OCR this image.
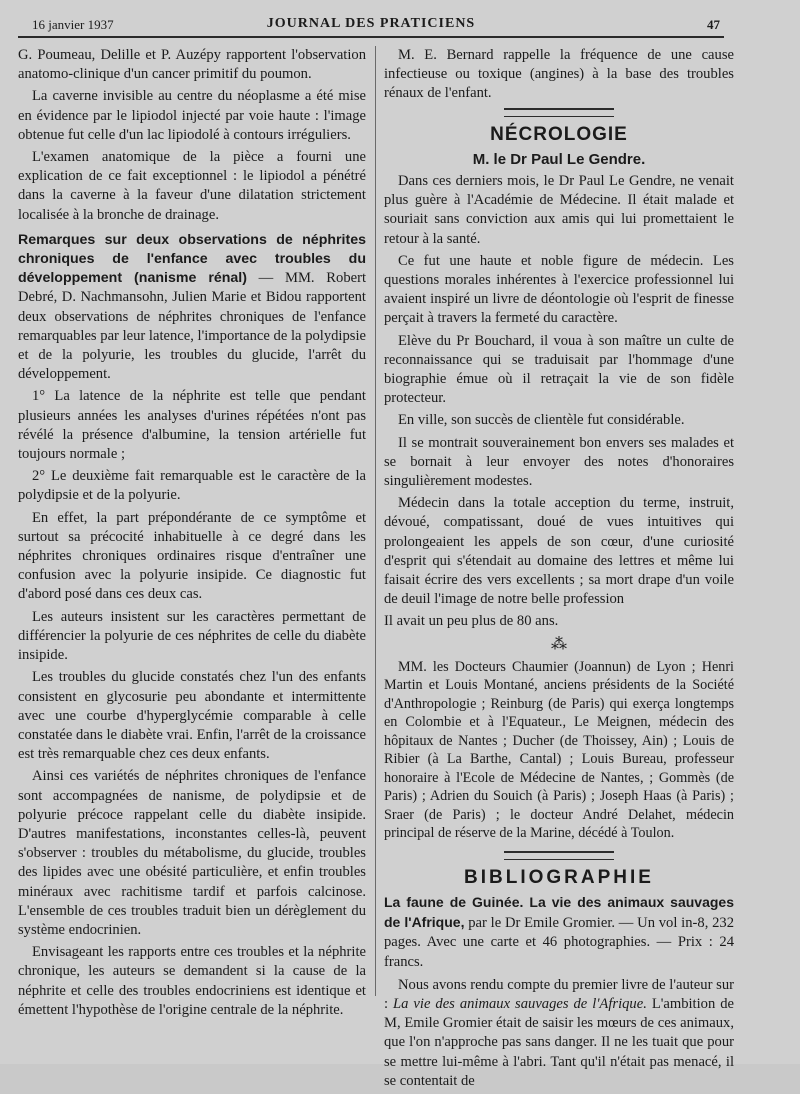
16 janvier 1937	JOURNAL DES PRATICIENS	47

G. Poumeau, Delille et P. Auzépy rapportent l'observation anatomo-clinique d'un cancer primitif du poumon.

La caverne invisible au centre du néoplasme a été mise en évidence par le lipiodol injecté par voie haute : l'image obtenue fut celle d'un lac lipiodolé à contours irréguliers.

L'examen anatomique de la pièce a fourni une explication de ce fait exceptionnel : le lipiodol a pénétré dans la caverne à la faveur d'une dilatation strictement localisée à la bronche de drainage.

Remarques sur deux observations de néphrites chroniques de l'enfance avec troubles du développement (nanisme rénal) — MM. Robert Debré, D. Nachmansohn, Julien Marie et Bidou rapportent deux observations de néphrites chroniques de l'enfance remarquables par leur latence, l'importance de la polydipsie et de la polyurie, les troubles du glucide, l'arrêt du développement.

1° La latence de la néphrite est telle que pendant plusieurs années les analyses d'urines répétées n'ont pas révélé la présence d'albumine, la tension artérielle fut toujours normale ;

2° Le deuxième fait remarquable est le caractère de la polydipsie et de la polyurie.

En effet, la part prépondérante de ce symptôme et surtout sa précocité inhabituelle à ce degré dans les néphrites chroniques ordinaires risque d'entraîner une confusion avec la polyurie insipide. Ce diagnostic fut d'abord posé dans ces deux cas.

Les auteurs insistent sur les caractères permettant de différencier la polyurie de ces néphrites de celle du diabète insipide.

Les troubles du glucide constatés chez l'un des enfants consistent en glycosurie peu abondante et intermittente avec une courbe d'hyperglycémie comparable à celle constatée dans le diabète vrai. Enfin, l'arrêt de la croissance est très remarquable chez ces deux enfants.

Ainsi ces variétés de néphrites chroniques de l'enfance sont accompagnées de nanisme, de polydipsie et de polyurie précoce rappelant celle du diabète insipide. D'autres manifestations, inconstantes celles-là, peuvent s'observer : troubles du métabolisme, du glucide, troubles des lipides avec une obésité particulière, et enfin troubles minéraux avec rachitisme tardif et parfois calcinose. L'ensemble de ces troubles traduit bien un dérèglement du système endocrinien.

Envisageant les rapports entre ces troubles et la néphrite chronique, les auteurs se demandent si la cause de la néphrite et celle des troubles endocriniens est identique et émettent l'hypothèse de l'origine centrale de la néphrite.

M. E. Bernard rappelle la fréquence de une cause infectieuse ou toxique (angines) à la base des troubles rénaux de l'enfant.

NÉCROLOGIE
M. le Dr Paul Le Gendre.

Dans ces derniers mois, le Dr Paul Le Gendre, ne venait plus guère à l'Académie de Médecine. Il était malade et souriait sans conviction aux amis qui lui promettaient le retour à la santé.

Ce fut une haute et noble figure de médecin. Les questions morales inhérentes à l'exercice professionnel lui avaient inspiré un livre de déontologie où l'esprit de finesse perçait à travers la fermeté du caractère.

Elève du Pr Bouchard, il voua à son maître un culte de reconnaissance qui se traduisait par l'hommage d'une biographie émue où il retraçait la vie de son fidèle protecteur.

En ville, son succès de clientèle fut considérable.

Il se montrait souverainement bon envers ses malades et se bornait à leur envoyer des notes d'honoraires singulièrement modestes.

Médecin dans la totale acception du terme, instruit, dévoué, compatissant, doué de vues intuitives qui prolongeaient les appels de son cœur, d'une curiosité d'esprit qui s'étendait au domaine des lettres et même lui faisait écrire des vers excellents ; sa mort drape d'un voile de deuil l'image de notre belle profession

Il avait un peu plus de 80 ans.

⁂

MM. les Docteurs Chaumier (Joannun) de Lyon ; Henri Martin et Louis Montané, anciens présidents de la Société d'Anthropologie ; Reinburg (de Paris) qui exerça longtemps en Colombie et à l'Equateur., Le Meignen, médecin des hôpitaux de Nantes ; Ducher (de Thoissey, Ain) ; Louis de Ribier (à La Barthe, Cantal) ; Louis Bureau, professeur honoraire à l'Ecole de Médecine de Nantes, ; Gommès (de Paris) ; Adrien du Souich (à Paris) ; Joseph Haas (à Paris) ; Sraer (de Paris) ; le docteur André Delahet, médecin principal de réserve de la Marine, décédé à Toulon.

BIBLIOGRAPHIE

La faune de Guinée. La vie des animaux sauvages de l'Afrique, par le Dr Emile Gromier. — Un vol in-8, 232 pages. Avec une carte et 46 photographies. — Prix : 24 francs.

Nous avons rendu compte du premier livre de l'auteur sur : La vie des animaux sauvages de l'Afrique. L'ambition de M, Emile Gromier était de saisir les mœurs de ces animaux, que l'on n'approche pas sans danger. Il ne les tuait que pour se mettre lui-même à l'abri. Tant qu'il n'était pas menacé, il se contentait de
